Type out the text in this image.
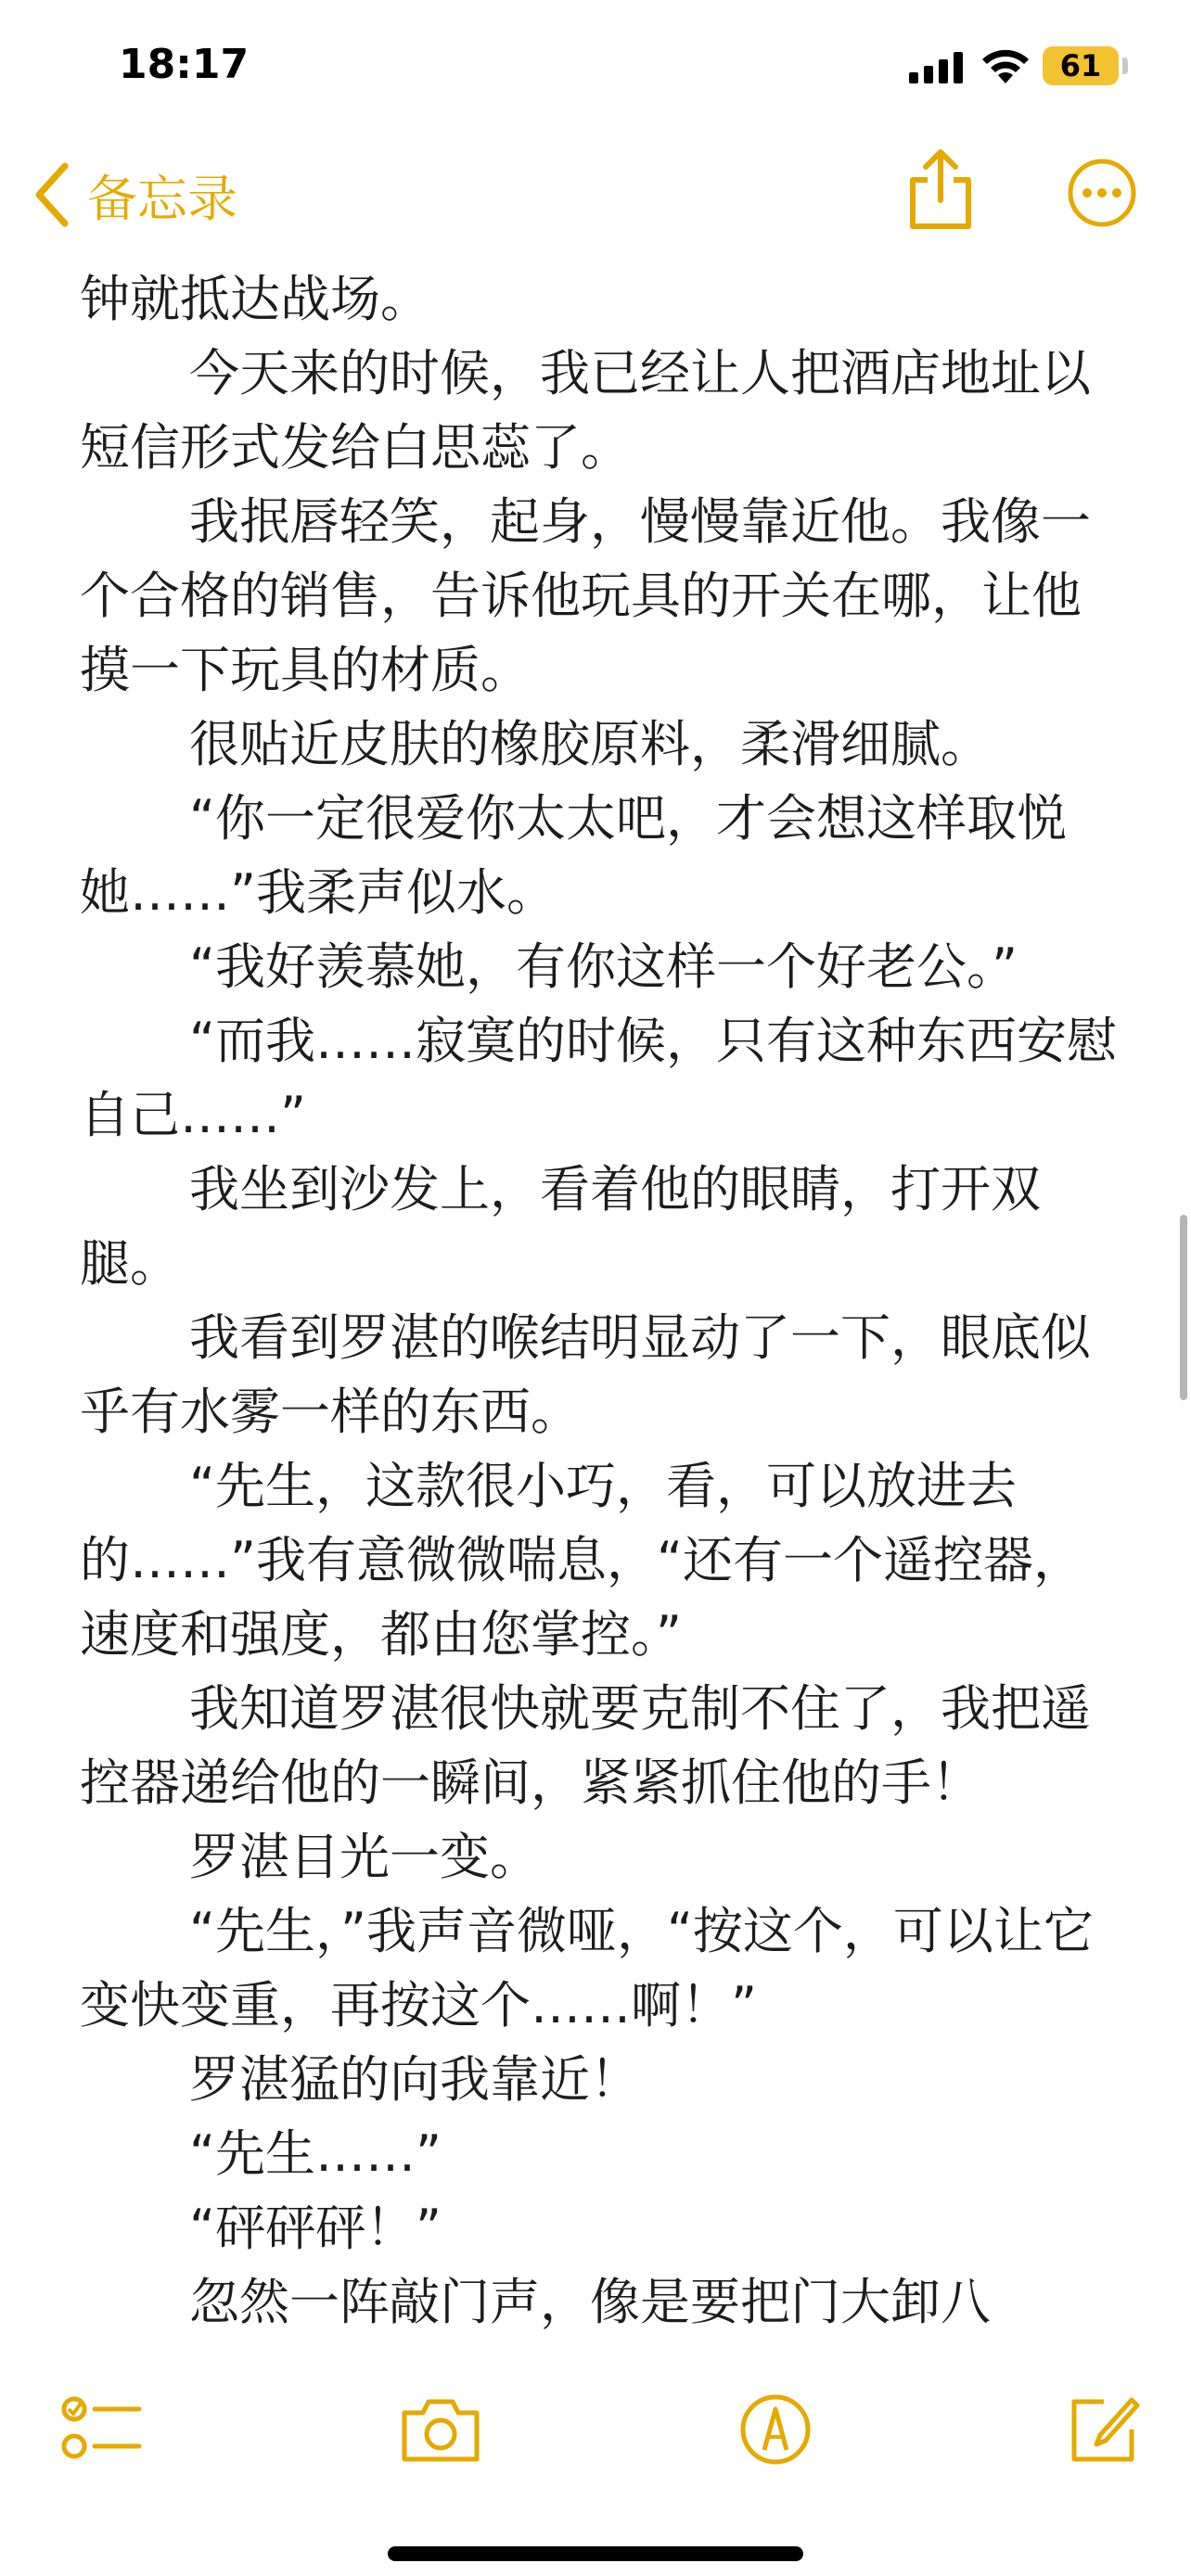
18:17	61
备忘录

钟就抵达战场。

今天来的时候，我已经让人把酒店地址以短信形式发给白思蕊了。

我抿唇轻笑，起身，慢慢靠近他。我像一个合格的销售，告诉他玩具的开关在哪，让他摸一下玩具的材质。

很贴近皮肤的橡胶原料，柔滑细腻。

“你一定很爱你太太吧，才会想这样取悦她……”我柔声似水。

“我好羡慕她，有你这样一个好老公。”

“而我……寂寞的时候，只有这种东西安慰自己……”

我坐到沙发上，看着他的眼睛，打开双腿。

我看到罗湛的喉结明显动了一下，眼底似乎有水雾一样的东西。

“先生，这款很小巧，看，可以放进去的……”我有意微微喘息，“还有一个遥控器，速度和强度，都由您掌控。”

我知道罗湛很快就要克制不住了，我把遥控器递给他的一瞬间，紧紧抓住他的手！

罗湛目光一变。

“先生，”我声音微哑，“按这个，可以让它变快变重，再按这个……啊！”

罗湛猛的向我靠近！

“先生……”

“砰砰砰！”

忽然一阵敲门声，像是要把门大卸八
